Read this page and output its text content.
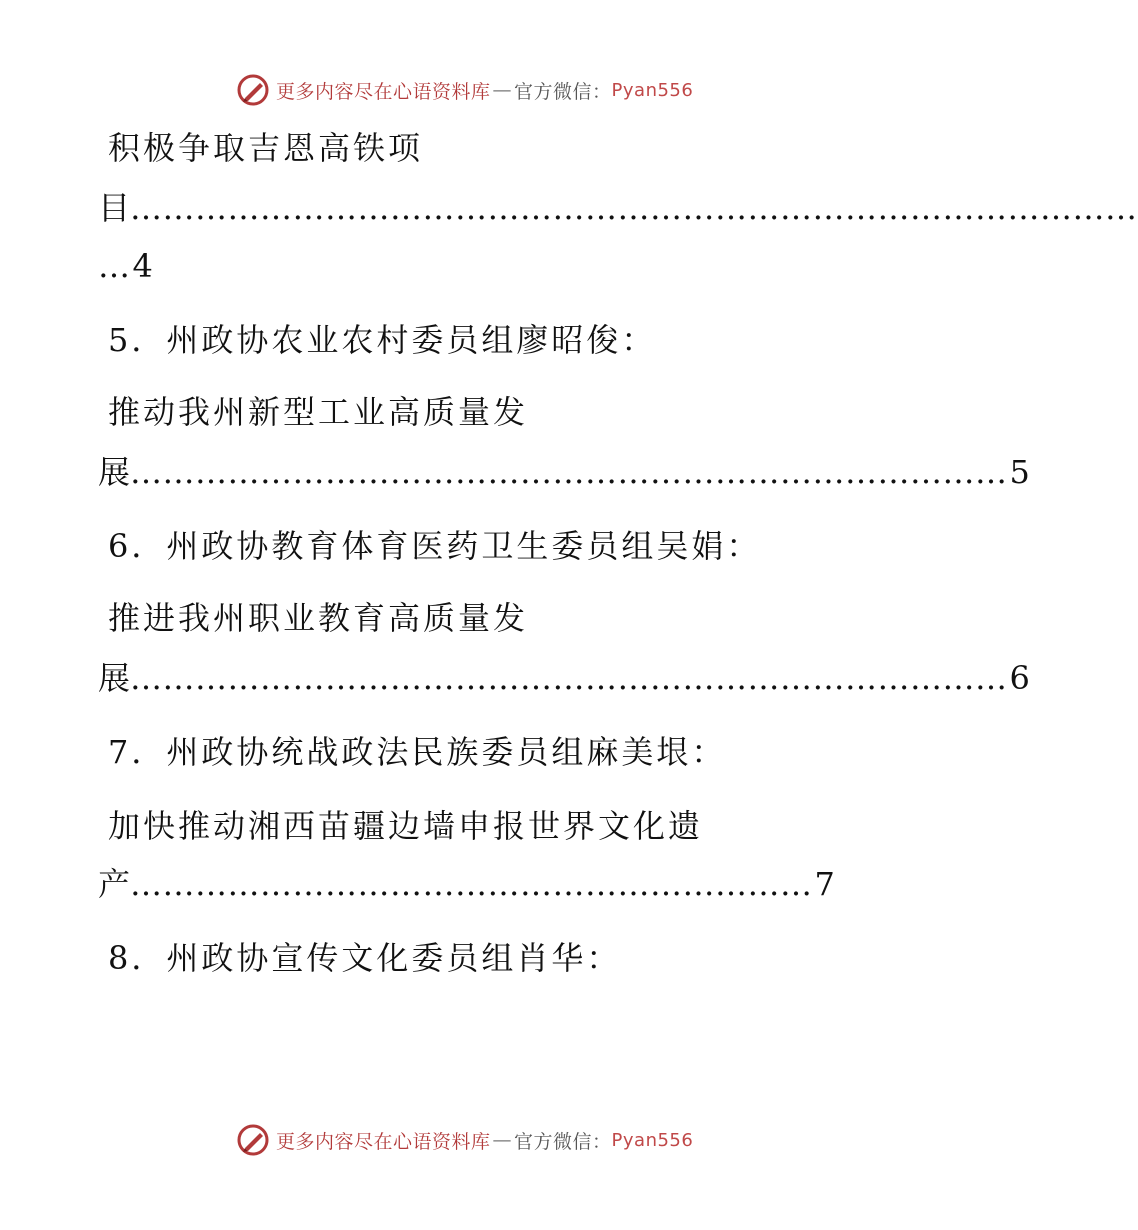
更多内容尽在心语资料库 — 官方微信： Pyan556
积极争取吉恩高铁项
目…………………………………………………………………………………
…4
5．州政协农业农村委员组廖昭俊：
推动我州新型工业高质量发
展………………………………………………………………………5
6．州政协教育体育医药卫生委员组吴娟：
推进我州职业教育高质量发
展………………………………………………………………………6
7．州政协统战政法民族委员组麻美垠：
加快推动湘西苗疆边墙申报世界文化遗
产………………………………………………………7
8．州政协宣传文化委员组肖华：
更多内容尽在心语资料库 — 官方微信： Pyan556
